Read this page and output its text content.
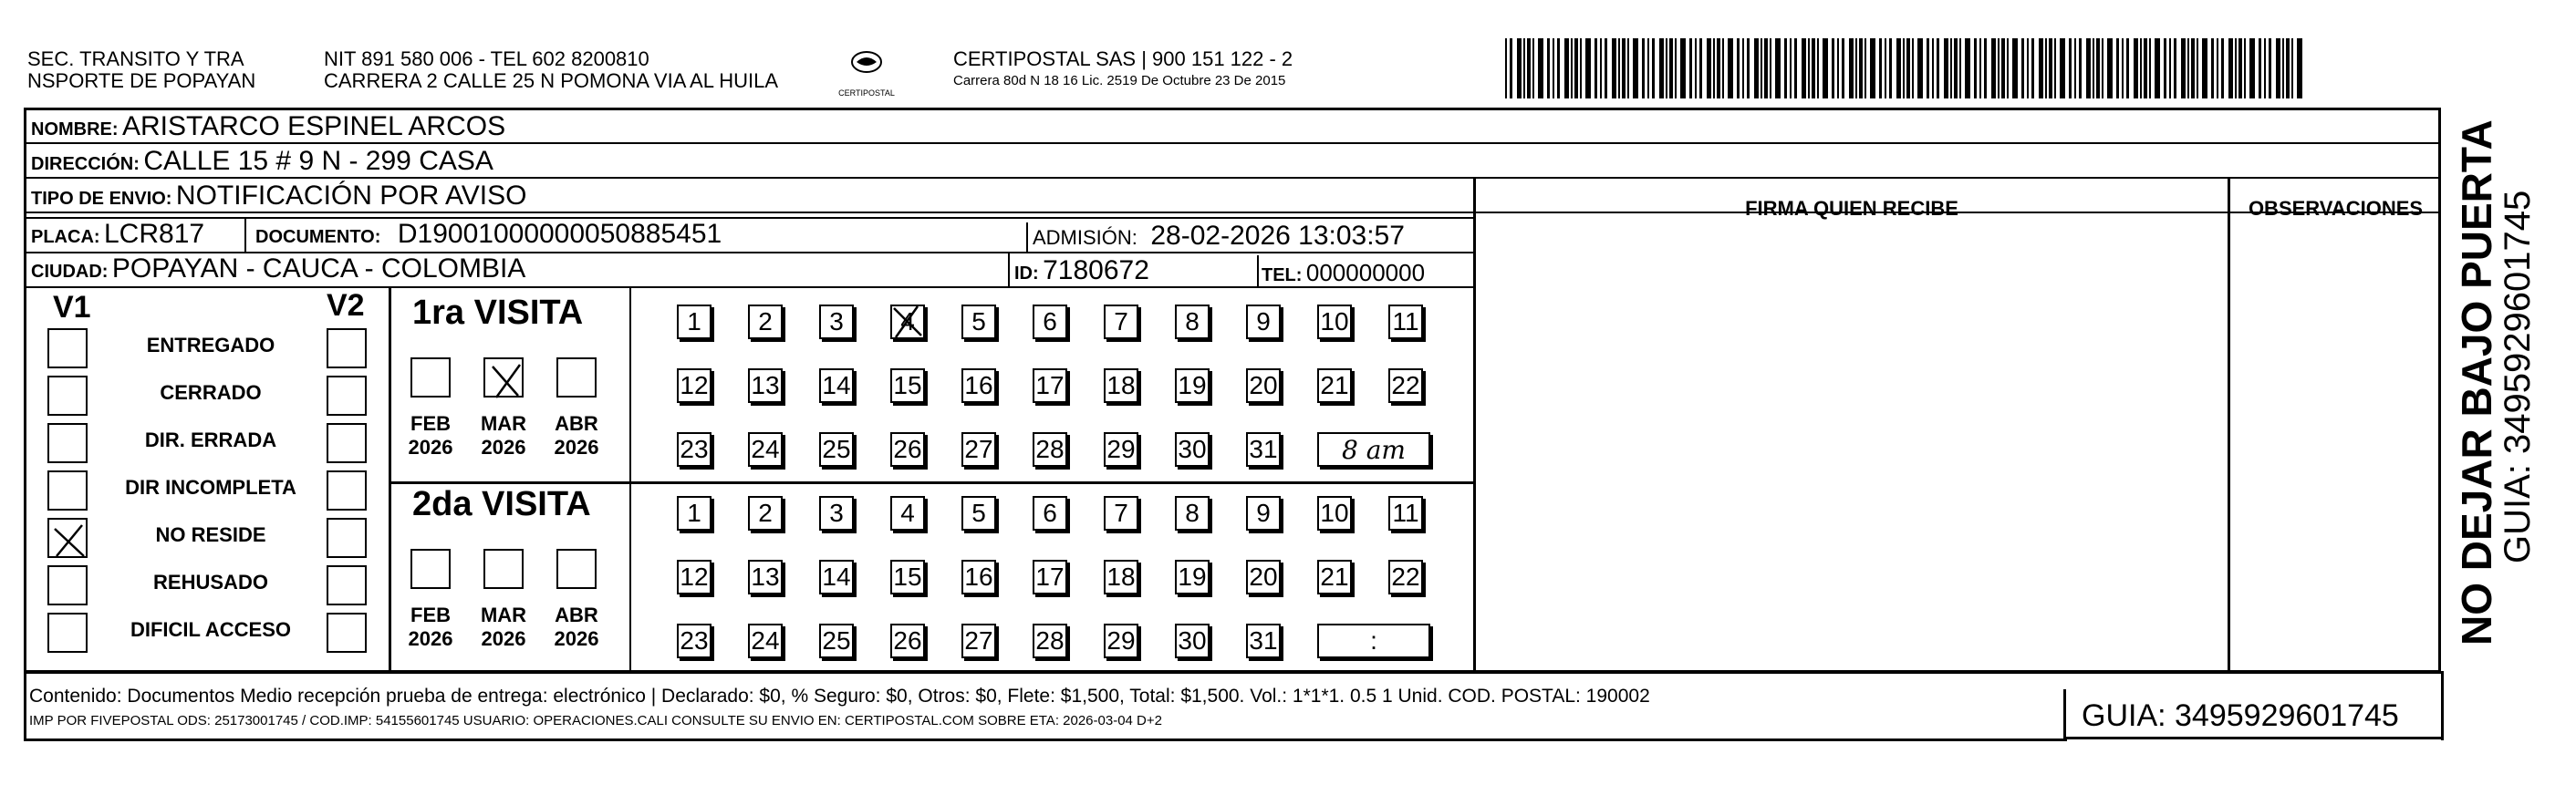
SEC. TRANSITO Y TRA
NSPORTE DE POPAYAN
NIT 891 580 006 - TEL 602 8200810
CARRERA 2 CALLE 25 N POMONA VIA AL HUILA
CERTIPOSTAL
CERTIPOSTAL SAS | 900 151 122 - 2
Carrera 80d N 18 16 Lic. 2519 De Octubre 23 De 2015
NOMBRE: ARISTARCO ESPINEL ARCOS
DIRECCIÓN: CALLE 15 # 9 N - 299 CASA
TIPO DE ENVIO: NOTIFICACIÓN POR AVISO	FIRMA QUIEN RECIBE	OBSERVACIONES
PLACA: LCR817	DOCUMENTO: D19001000000050885451	ADMISIÓN: 28-02-2026 13:03:57
CIUDAD: POPAYAN - CAUCA - COLOMBIA	ID: 7180672	TEL: 000000000
V1	V2
ENTREGADO
CERRADO
DIR. ERRADA
DIR INCOMPLETA
NO RESIDE
REHUSADO
DIFICIL ACCESO
1ra VISITA
2da VISITA
FEB
2026
MAR
2026
ABR
2026
1	2	3	4	5	6	7	8	9	10 11
12 13 14 15 16 17 18 19 20 21 22
23 24 25 26 27 28 29 30 31	8 am
FEB
2026
MAR
2026
ABR
2026
1	2	3	4	5	6	7	8	9	10 11
12 13 14 15 16 17 18 19 20 21 22
23 24 25 26 27 28 29 30 31	:
Contenido: Documentos Medio recepción prueba de entrega: electrónico | Declarado: $0, % Seguro: $0, Otros: $0, Flete: $1,500, Total: $1,500. Vol.: 1*1*1. 0.5 1 Unid. COD. POSTAL: 190002
IMP POR FIVEPOSTAL ODS: 25173001745 / COD.IMP: 54155601745 USUARIO: OPERACIONES.CALI CONSULTE SU ENVIO EN: CERTIPOSTAL.COM SOBRE ETA: 2026-03-04 D+2	GUIA: 3495929601745
NO DEJAR BAJO PUERTA
GUIA: 3495929601745
